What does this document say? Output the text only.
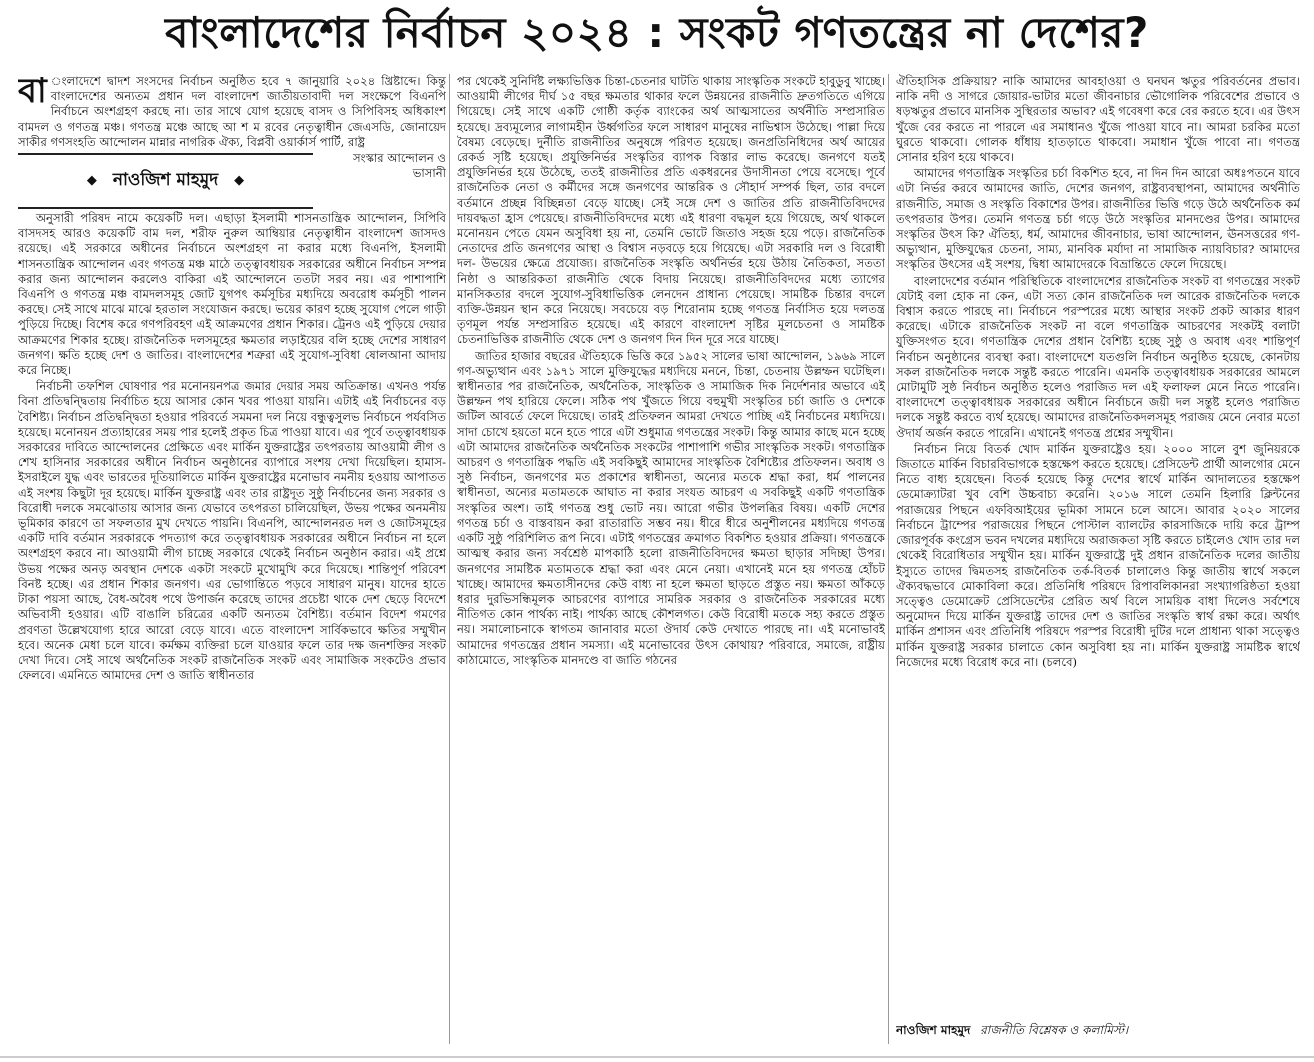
বাংলাদেশের নির্বাচন ২০২৪ : সংকট গণতন্ত্রের না দেশের?

বা ংলাদেশে দ্বাদশ সংসদের নির্বাচন অনুষ্ঠিত হবে ৭ জানুয়ারি ২০২৪ খ্রিষ্টাব্দে। কিন্তু বাংলাদেশের অন্যতম প্রধান দল বাংলাদেশ জাতীয়তাবাদী দল সংক্ষেপে বিএনপি নির্বাচনে অংশগ্রহণ করছে না। তার সাথে যোগ হয়েছে বাসদ ও সিপিবিসহ অধিকাংশ বামদল ও গণতন্ত্র মঞ্চ। গণতন্ত্র মঞ্চে আছে আ শ ম রবের নেতৃত্বাধীন জেএসডি, জোনায়েদ সাকীর গণসংহতি আন্দোলন মান্নার নাগরিক ঐক্য, বিপ্লবী ওয়ার্কার্স পার্টি, রাষ্ট্র

◆ নাওজিশ মাহমুদ ◆
সংস্কার আন্দোলন ও ভাসানী

অনুসারী পরিষদ নামে কয়েকটি দল। এছাড়া ইসলামী শাসনতান্ত্রিক আন্দোলন, সিপিবি বাসদসহ আরও কয়েকটি বাম দল, শরীফ নুরুল আম্বিয়ার নেতৃত্বাধীন বাংলাদেশ জাসদও রয়েছে। এই সরকারে অধীনের নির্বাচনে অংশগ্রহণ না করার মধ্যে বিএনপি, ইসলামী শাসনতান্ত্রিক আন্দোলন এবং গণতন্ত্র মঞ্চ মাঠে তত্ত্বাবধায়ক সরকারের অধীনে নির্বাচন সম্পন্ন করার জন্য আন্দোলন করলেও বাকিরা এই আন্দোলনে ততটা সরব নয়। এর পাশাপাশি বিএনপি ও গণতন্ত্র মঞ্চ বামদলসমূহ জোট যুগপৎ কর্মসূচির মধ্যদিয়ে অবরোধ কর্মসূচী পালন করছে। সেই সাথে মাঝে মাঝে হরতাল সংযোজন করছে। ভয়ের কারণ হচ্ছে সুযোগ পেলে গাড়ী পুড়িয়ে দিচ্ছে। বিশেষ করে গণপরিবহণ এই আক্রমণের প্রধান শিকার। ট্রেনও এই পুড়িয়ে দেয়ার আক্রমণের শিকার হচ্ছে। রাজনৈতিক দলসমূহের ক্ষমতার লড়াইয়ের বলি হচ্ছে দেশের সাধারণ জনগণ। ক্ষতি হচ্ছে দেশ ও জাতির। বাংলাদেশের শত্রুরা এই সুযোগ-সুবিধা ষোলআনা আদায় করে নিচ্ছে।

নির্বাচনী তফশিল ঘোষণার পর মনোনয়নপত্র জমার দেয়ার সময় অতিক্রান্ত। এখনও পর্যন্ত বিনা প্রতিদ্বন্দ্বিতায় নির্বাচিত হয়ে আসার কোন খবর পাওয়া যায়নি। এটাই এই নির্বাচনের বড় বৈশিষ্ট্য। নির্বাচন প্রতিদ্বন্দ্বিতা হওয়ার পরিবর্তে সমমনা দল নিয়ে বন্ধুত্বসুলভ নির্বাচনে পর্যবসিত হয়েছে। মনোনয়ন প্রত্যাহারের সময় পার হলেই প্রকৃত চিত্র পাওয়া যাবে। এর পূর্বে তত্ত্বাবধায়ক সরকারের দাবিতে আন্দোলনের প্রেক্ষিতে এবং মার্কিন যুক্তরাষ্ট্রের তৎপরতায় আওয়ামী লীগ ও শেখ হাসিনার সরকারের অধীনে নির্বাচন অনুষ্ঠানের ব্যাপারে সংশয় দেখা দিয়েছিল। হামাস-ইসরাইলে যুদ্ধ এবং ভারতের দূতিয়ালিতে মার্কিন যুক্তরাষ্ট্রের মনোভাব নমনীয় হওয়ায় আপাতত এই সংশয় কিছুটা দূর হয়েছে। মার্কিন যুক্তরাষ্ট্র এবং তার রাষ্ট্রদূত সুষ্ঠু নির্বাচনের জন্য সরকার ও বিরোধী দলকে সমঝোতায় আসার জন্য যেভাবে তৎপরতা চালিয়েছিল, উভয় পক্ষের অনমনীয় ভূমিকার কারণে তা সফলতার মুখ দেখতে পায়নি। বিএনপি, আন্দোলনরত দল ও জোটসমূহের একটি দাবি বর্তমান সরকারকে পদত্যাগ করে তত্ত্বাবধায়ক সরকারের অধীনে নির্বাচন না হলে অংশগ্রহণ করবে না। আওয়ামী লীগ চাচ্ছে সরকারে থেকেই নির্বাচন অনুষ্ঠান করার। এই প্রশ্নে উভয় পক্ষের অনড় অবস্থান দেশকে একটা সংকটে মুখোমুখি করে দিয়েছে। শান্তিপূর্ণ পরিবেশ বিনষ্ট হচ্ছে। এর প্রধান শিকার জনগণ। এর ভোগান্তিতে পড়বে সাধারণ মানুষ। যাদের হাতে টাকা পয়সা আছে, বৈধ-অবৈধ পথে উপার্জন করেছে তাদের প্রচেষ্টা থাকে দেশ ছেড়ে বিদেশে অভিবাসী হওয়ার। এটি বাঙালি চরিত্রের একটি অন্যতম বৈশিষ্ট্য। বর্তমান বিদেশ গমণের প্রবণতা উল্লেখযোগ্য হারে আরো বেড়ে যাবে। এতে বাংলাদেশ সার্বিকভাবে ক্ষতির সম্মুখীন হবে। অনেক মেধা চলে যাবে। কর্মক্ষম ব্যক্তিরা চলে যাওয়ার ফলে তার দক্ষ জনশক্তির সংকট দেখা দিবে। সেই সাথে অর্থনৈতিক সংকট রাজনৈতিক সংকট এবং সামাজিক সংকটেও প্রভাব ফেলবে। এমনিতে আমাদের দেশ ও জাতি স্বাধীনতার

পর থেকেই সুনির্দিষ্ট লক্ষ্যভিত্তিক চিন্তা-চেতনার ঘাটতি থাকায় সাংস্কৃতিক সংকটে হাবুডুবু খাচ্ছে। আওয়ামী লীগের দীর্ঘ ১৫ বছর ক্ষমতার থাকার ফলে উন্নয়নের রাজনীতি দ্রুতগতিতে এগিয়ে গিয়েছে। সেই সাথে একটি গোষ্ঠী কর্তৃক ব্যাংকের অর্থ আত্মসাতের অর্থনীতি সম্প্রসারিত হয়েছে। দ্রব্যমূল্যের লাগামহীন উর্ধ্বগতির ফলে সাধারণ মানুষের নাভিশ্বাস উঠেছে। পাল্লা দিয়ে বৈষম্য বেড়েছে। দুর্নীতি রাজনীতির অনুষঙ্গে পরিণত হয়েছে। জনপ্রতিনিধিদের অর্থ আয়ের রেকর্ড সৃষ্টি হয়েছে। প্রযুক্তিনির্ভর সংস্কৃতির ব্যাপক বিস্তার লাভ করেছে। জনগণে যতই প্রযুক্তিনির্ভর হয়ে উঠেছে, ততই রাজনীতির প্রতি একধরনের উদাসীনতা পেয়ে বসেছে। পূর্বে রাজনৈতিক নেতা ও কর্মীদের সঙ্গে জনগণের আন্তরিক ও সৌহার্দ সম্পর্ক ছিল, তার বদলে বর্তমানে প্রচ্ছন্ন বিচ্ছিন্নতা বেড়ে যাচ্ছে। সেই সঙ্গে দেশ ও জাতির প্রতি রাজনীতিবিদদের দায়বদ্ধতা হ্রাস পেয়েছে। রাজনীতিবিদদের মধ্যে এই ধারণা বদ্ধমূল হয়ে গিয়েছে, অর্থ থাকলে মনোনয়ন পেতে যেমন অসুবিধা হয় না, তেমনি ভোটে জিতাও সহজ হয়ে পড়ে। রাজনৈতিক নেতাদের প্রতি জনগণের আস্থা ও বিশ্বাস নড়বড়ে হয়ে গিয়েছে। এটা সরকারি দল ও বিরোধী দল- উভয়ের ক্ষেত্রে প্রযোজ্য। রাজনৈতিক সংস্কৃতি অর্থনির্ভর হয়ে উঠায় নৈতিকতা, সততা নিষ্ঠা ও আন্তরিকতা রাজনীতি থেকে বিদায় নিয়েছে। রাজনীতিবিদদের মধ্যে ত্যাগের মানসিকতার বদলে সুযোগ-সুবিধাভিত্তিক লেনদেন প্রাধান্য পেয়েছে। সামষ্টিক চিন্তার বদলে ব্যক্তি-উন্নয়ন স্থান করে নিয়েছে। সবচেয়ে বড় শিরোনাম হচ্ছে গণতন্ত্র নির্বাসিত হয়ে দলতন্ত্র তৃণমূল পর্যন্ত সম্প্রসারিত হয়েছে। এই কারণে বাংলাদেশ সৃষ্টির মূলচেতনা ও সামষ্টিক চেতনাভিত্তিক রাজনীতি থেকে দেশ ও জনগণ দিন দিন দূরে সরে যাচ্ছে।

জাতির হাজার বছরের ঐতিহ্যকে ভিত্তি করে ১৯৫২ সালের ভাষা আন্দোলন, ১৯৬৯ সালে গণ-অভ্যুত্থান এবং ১৯৭১ সালে মুক্তিযুদ্ধের মধ্যদিয়ে মননে, চিন্তা, চেতনায় উল্লম্ফন ঘটেছিল। স্বাধীনতার পর রাজনৈতিক, অর্থনৈতিক, সাংস্কৃতিক ও সামাজিক দিক নির্দেশনার অভাবে এই উল্লম্ফন পথ হারিয়ে ফেলে। সঠিক পথ খুঁজতে গিয়ে বহুমুখী সংস্কৃতির চর্চা জাতি ও দেশকে জটিল আবর্তে ফেলে দিয়েছে। তারই প্রতিফলন আমরা দেখতে পাচ্ছি এই নির্বাচনের মধ্যদিয়ে। সাদা চোখে হয়তো মনে হতে পারে এটা শুধুমাত্র গণতন্ত্রের সংকট। কিন্তু আমার কাছে মনে হচ্ছে এটা আমাদের রাজনৈতিক অর্থনৈতিক সংকটের পাশাপাশি গভীর সাংস্কৃতিক সংকট। গণতান্ত্রিক আচরণ ও গণতান্ত্রিক পদ্ধতি এই সবকিছুই আমাদের সাংস্কৃতিক বৈশিষ্ট্যের প্রতিফলন। অবাধ ও সুষ্ঠ নির্বাচন, জনগণের মত প্রকাশের স্বাধীনতা, অন্যের মতকে শ্রদ্ধা করা, ধর্ম পালনের স্বাধীনতা, অন্যের মতামতকে আঘাত না করার সংযত আচরণ এ সবকিছুই একটি গণতান্ত্রিক সংস্কৃতির অংশ। তাই গণতন্ত্র শুধু ভোট নয়। আরো গভীর উপলব্ধির বিষয়। একটি দেশের গণতন্ত্র চর্চা ও বাস্তবায়ন করা রাতারাতি সম্ভব নয়। ধীরে ধীরে অনুশীলনের মধ্যদিয়ে গণতন্ত্র একটি সুষ্ঠু পরিশিলিত রূপ নিবে। এটাই গণতন্ত্রের ক্রমাগত বিকশিত হওয়ার প্রক্রিয়া। গণতন্ত্রকে আত্মস্থ করার জন্য সর্বশ্রেষ্ঠ মাপকাঠি হলো রাজনীতিবিদদের ক্ষমতা ছাড়ার সদিচ্ছা উপর। জনগণের সামষ্টিক মতামতকে শ্রদ্ধা করা এবং মেনে নেয়া। এখানেই মনে হয় গণতন্ত্র হোঁচট খাচ্ছে। আমাদের ক্ষমতাসীনদের কেউ বাধ্য না হলে ক্ষমতা ছাড়তে প্রস্তুত নয়। ক্ষমতা আঁকড়ে ধরার দুরভিসন্ধিমূলক আচরণের ব্যাপারে সামরিক সরকার ও রাজনৈতিক সরকারের মধ্যে নীতিগত কোন পার্থক্য নাই। পার্থক্য আছে কৌশলগত। কেউ বিরোধী মতকে সহ্য করতে প্রস্তুত নয়। সমালোচনাকে স্বাগতম জানাবার মতো ঔদার্য কেউ দেখাতে পারছে না। এই মনোভাবই আমাদের গণতন্ত্রের প্রধান সমস্যা। এই মনোভাবের উৎস কোথায়? পরিবারে, সমাজে, রাষ্ট্রীয় কাঠামোতে, সাংস্কৃতিক মানদণ্ডে বা জাতি গঠনের

ঐতিহাসিক প্রক্রিয়ায়? নাকি আমাদের আবহাওয়া ও ঘনঘন ঋতুর পরিবর্তনের প্রভাব। নাকি নদী ও সাগরে জোয়ার-ভাটার মতো জীবনাচার ভৌগোলিক পরিবেশের প্রভাবে ও ষড়ঋতুর প্রভাবে মানসিক সুস্থিরতার অভাব? এই গবেষণা করে বের করতে হবে। এর উৎস খুঁজে বের করতে না পারলে এর সমাধানও খুঁজে পাওয়া যাবে না। আমরা চরকির মতো ঘুরতে থাকবো। গোলক ধাঁধায় হাতড়াতে থাকবো। সমাধান খুঁজে পাবো না। গণতন্ত্র সোনার হরিণ হয়ে থাকবে।

আমাদের গণতান্ত্রিক সংস্কৃতির চর্চা বিকশিত হবে, না দিন দিন আরো অধঃপতনে যাবে এটা নির্ভর করবে আমাদের জাতি, দেশের জনগণ, রাষ্ট্রব্যবস্থাপনা, আমাদের অর্থনীতি রাজনীতি, সমাজ ও সংস্কৃতি বিকাশের উপর। রাজনীতির ভিত্তি গড়ে উঠে অর্থনৈতিক কর্ম তৎপরতার উপর। তেমনি গণতন্ত্র চর্চা গড়ে উঠে সংস্কৃতির মানদণ্ডের উপর। আমাদের সংস্কৃতির উৎস কি? ঐতিহ্য, ধর্ম, আমাদের জীবনাচার, ভাষা আন্দোলন, ঊনসত্তরের গণ-অভ্যুত্থান, মুক্তিযুদ্ধের চেতনা, সাম্য, মানবিক মর্যাদা না সামাজিক ন্যায়বিচার? আমাদের সংস্কৃতির উৎসের এই সংশয়, দ্বিধা আমাদেরকে বিভ্রান্তিতে ফেলে দিয়েছে।

বাংলাদেশের বর্তমান পরিস্থিতিকে বাংলাদেশের রাজনৈতিক সংকট বা গণতন্ত্রের সংকট যেটাই বলা হোক না কেন, এটা সত্য কোন রাজনৈতিক দল আরেক রাজনৈতিক দলকে বিশ্বাস করতে পারছে না। নির্বাচনে পরস্পরের মধ্যে আস্থার সংকট প্রকট আকার ধারণ করেছে। এটাকে রাজনৈতিক সংকট না বলে গণতান্ত্রিক আচরণের সংকটই বলাটা যুক্তিসংগত হবে। গণতান্ত্রিক দেশের প্রধান বৈশিষ্ট্য হচ্ছে সুষ্ঠু ও অবাধ এবং শান্তিপূর্ণ নির্বাচন অনুষ্ঠানের ব্যবস্থা করা। বাংলাদেশে যতগুলি নির্বাচন অনুষ্ঠিত হয়েছে, কোনটায় সকল রাজনৈতিক দলকে সন্তুষ্ট করতে পারেনি। এমনকি তত্ত্বাবধায়ক সরকারের আমলে মোটামুটি সুষ্ঠ নির্বাচন অনুষ্ঠিত হলেও পরাজিত দল এই ফলাফল মেনে নিতে পারেনি। বাংলাদেশে তত্ত্বাবধায়ক সরকারের অধীনে নির্বাচনে জয়ী দল সন্তুষ্ট হলেও পরাজিত দলকে সন্তুষ্ট করতে ব্যর্থ হয়েছে। আমাদের রাজনৈতিকদলসমূহ পরাজয় মেনে নেবার মতো ঔদার্য অর্জন করতে পারেনি। এখানেই গণতন্ত্র প্রশ্নের সম্মুখীন।

নির্বাচন নিয়ে বিতর্ক খোদ মার্কিন যুক্তরাষ্ট্রেও হয়। ২০০০ সালে বুশ জুনিয়রকে জিতাতে মার্কিন বিচারবিভাগকে হস্তক্ষেপ করতে হয়েছে। প্রেসিডেন্ট প্রার্থী আলগোর মেনে নিতে বাধ্য হয়েছেন। বিতর্ক হয়েছে কিন্তু দেশের স্বার্থে মার্কিন আদালতের হস্তক্ষেপ ডেমোক্র্যাটরা খুব বেশি উচ্চবাচ্য করেনি। ২০১৬ সালে তেমনি হিলারি ক্লিন্টনের পরাজয়ের পিছনে এফবিআইয়ের ভূমিকা সামনে চলে আসে। আবার ২০২০ সালের নির্বাচনে ট্রাম্পের পরাজয়ের পিছনে পোস্টাল ব্যালটের কারসাজিকে দায়ি করে ট্রাম্প জোরপূর্বক কংগ্রেস ভবন দখলের মধ্যদিয়ে অরাজকতা সৃষ্টি করতে চাইলেও খোদ তার দল থেকেই বিরোধিতার সম্মুখীন হয়। মার্কিন যুক্তরাষ্ট্রে দুই প্রধান রাজনৈতিক দলের জাতীয় ইস্যুতে তাদের দ্বিমতসহ রাজনৈতিক তর্ক-বিতর্ক চালালেও কিন্তু জাতীয় স্বার্থে সকলে ঐক্যবদ্ধভাবে মোকাবিলা করে। প্রতিনিধি পরিষদে রিপাবলিকানরা সংখ্যাগরিষ্ঠতা হওয়া সত্ত্বেও ডেমোক্রেট প্রেসিডেন্টের প্রেরিত অর্থ বিলে সাময়িক বাধা দিলেও সর্বশেষে অনুমোদন দিয়ে মার্কিন যুক্তরাষ্ট্র তাদের দেশ ও জাতির সংস্কৃতি স্বার্থ রক্ষা করে। অর্থাৎ মার্কিন প্রশাসন এবং প্রতিনিধি পরিষদে পরস্পর বিরোধী দুটির দলে প্রাধান্য থাকা সত্ত্বেও মার্কিন যুক্তরাষ্ট্র সরকার চালাতে কোন অসুবিধা হয় না। মার্কিন যুক্তরাষ্ট্র সামষ্টিক স্বার্থে নিজেদের মধ্যে বিরোধ করে না। (চলবে)

নাওজিশ মাহমুদ রাজনীতি বিশ্লেষক ও কলামিস্ট।
